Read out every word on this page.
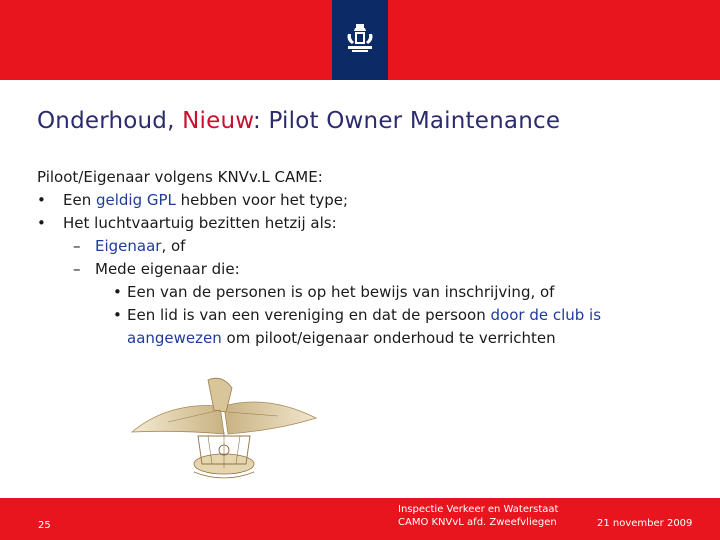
Onderhoud, Nieuw: Pilot Owner Maintenance
Piloot/Eigenaar volgens KNVv.L CAME:
• Een geldig GPL hebben voor het type;
• Het luchtvaartuig bezitten hetzij als:
– Eigenaar, of
– Mede eigenaar die:
• Een van de personen is op het bewijs van inschrijving, of
• Een lid is van een vereniging en dat de persoon door de club is
aangewezen om piloot/eigenaar onderhoud te verrichten
25
Inspectie Verkeer en Waterstaat
CAMO KNVvL afd. Zweefvliegen	21 november 2009
